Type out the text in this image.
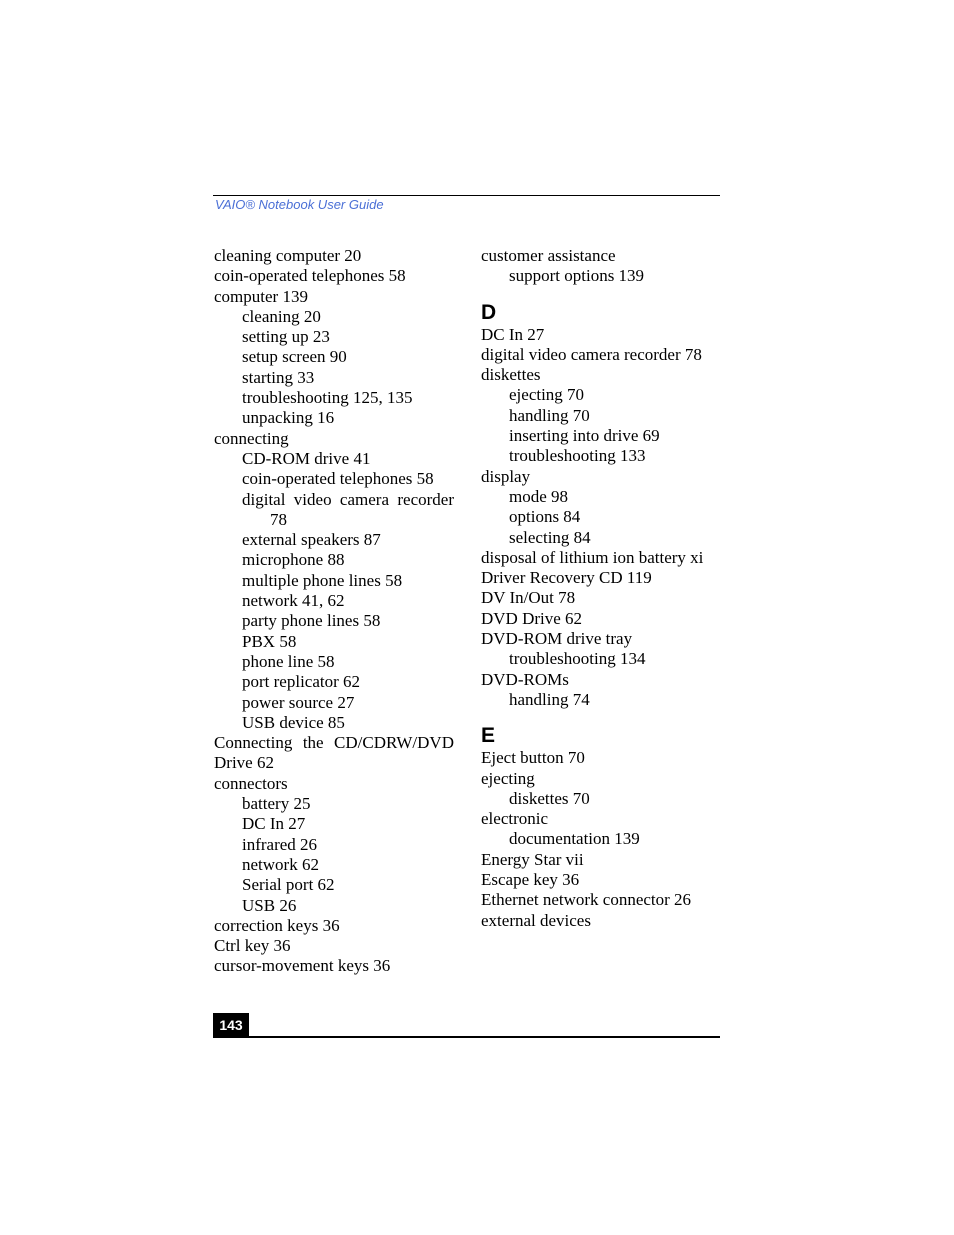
VAIO® Notebook User Guide
cleaning computer 20
coin-operated telephones 58
computer 139
cleaning 20
setting up 23
setup screen 90
starting 33
troubleshooting 125, 135
unpacking 16
connecting
CD-ROM drive 41
coin-operated telephones 58
digital video camera recorder 78
external speakers 87
microphone 88
multiple phone lines 58
network 41, 62
party phone lines 58
PBX 58
phone line 58
port replicator 62
power source 27
USB device 85
Connecting the CD/CDRW/DVD Drive 62
connectors
battery 25
DC In 27
infrared 26
network 62
Serial port 62
USB 26
correction keys 36
Ctrl key 36
cursor-movement keys 36
customer assistance
support options 139
D
DC In 27
digital video camera recorder 78
diskettes
ejecting 70
handling 70
inserting into drive 69
troubleshooting 133
display
mode 98
options 84
selecting 84
disposal of lithium ion battery xi
Driver Recovery CD 119
DV In/Out 78
DVD Drive 62
DVD-ROM drive tray
troubleshooting 134
DVD-ROMs
handling 74
E
Eject button 70
ejecting
diskettes 70
electronic
documentation 139
Energy Star vii
Escape key 36
Ethernet network connector 26
external devices
143
